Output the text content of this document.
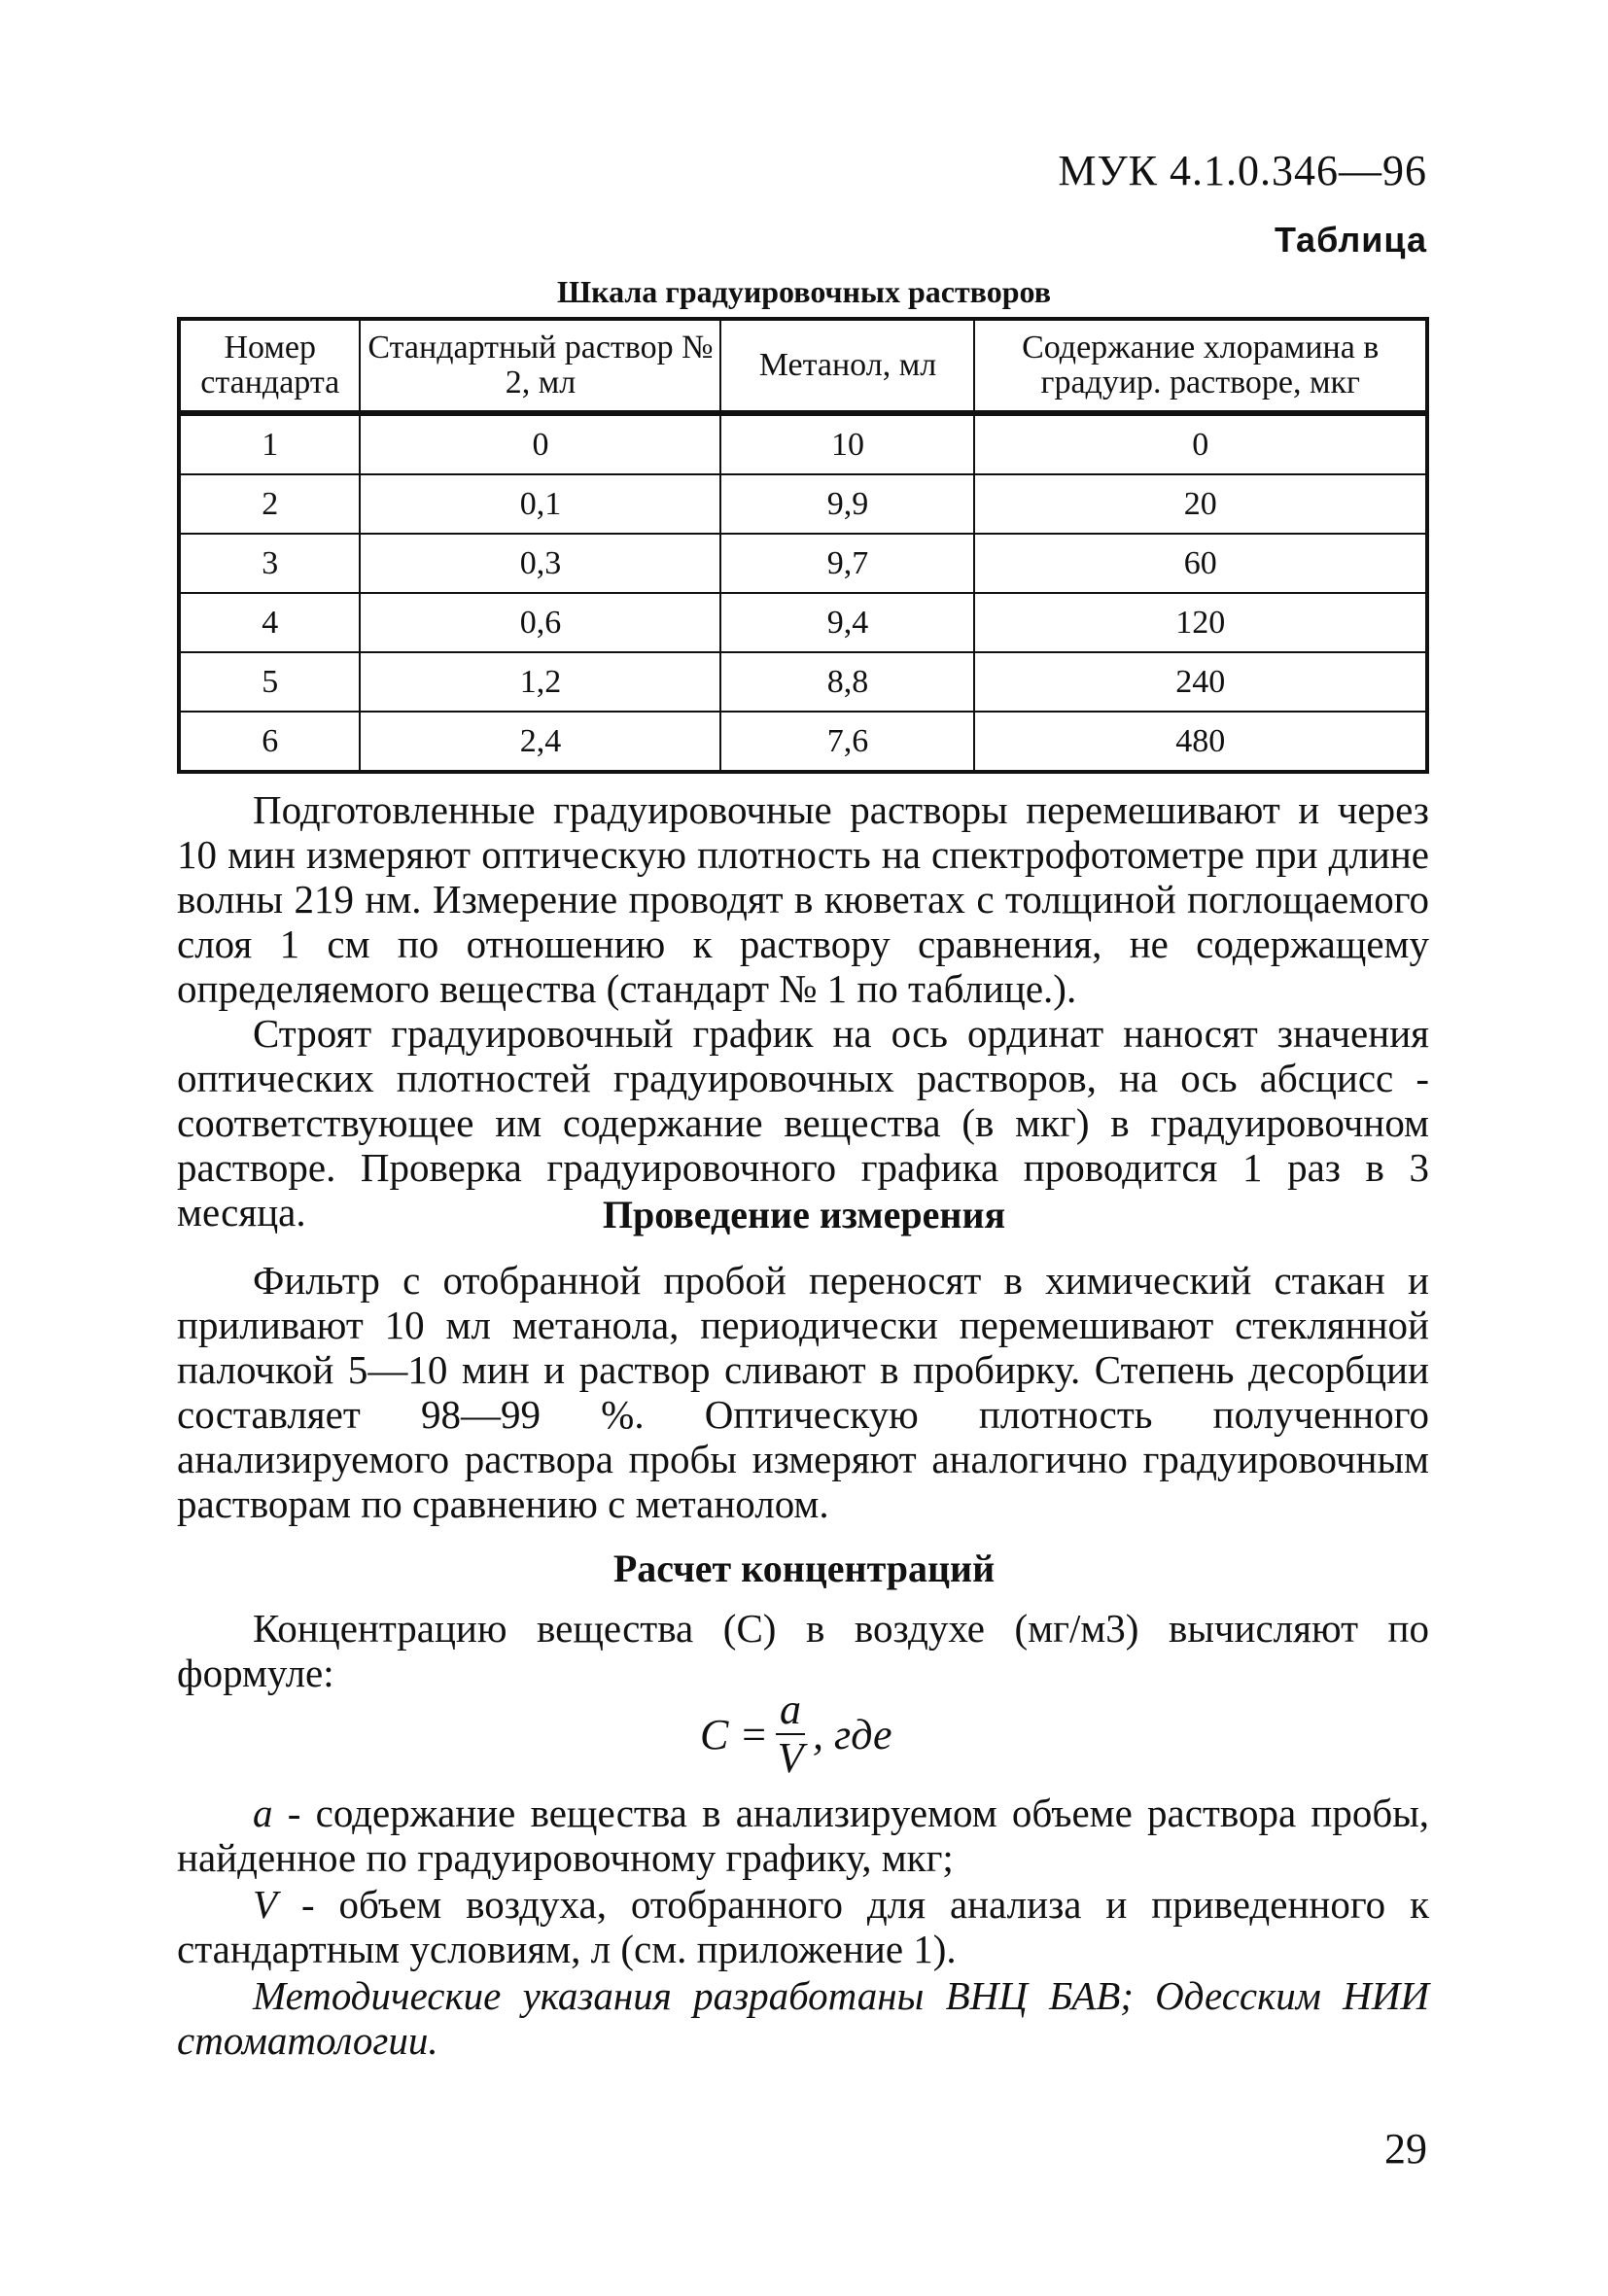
МУК 4.1.0.346—96
Таблица
Шкала градуировочных растворов
Номер стандарта	Стандартный раствор № 2, мл	Метанол, мл	Содержание хлорамина в градуир. растворе, мкг
1	0	10	0
2	0,1	9,9	20
3	0,3	9,7	60
4	0,6	9,4	120
5	1,2	8,8	240
6	2,4	7,6	480

Подготовленные градуировочные растворы перемешивают и через 10 мин измеряют оптическую плотность на спектрофотометре при длине волны 219 нм. Измерение проводят в кюветах с толщиной поглощаемого слоя 1 см по отношению к раствору сравнения, не содержащему определяемого вещества (стандарт № 1 по таблице.).

Строят градуировочный график на ось ординат наносят значения оптических плотностей градуировочных растворов, на ось абсцисс - соответствующее им содержание вещества (в мкг) в градуировочном растворе. Проверка градуировочного графика проводится 1 раз в 3 месяца.	Проведение измерения

Фильтр с отобранной пробой переносят в химический стакан и приливают 10 мл метанола, периодически перемешивают стеклянной палочкой 5—10 мин и раствор сливают в пробирку. Степень десорбции составляет 98—99 %. Оптическую плотность полученного анализируемого раствора пробы измеряют аналогично градуировочным растворам по сравнению с метанолом.

Расчет концентраций

Концентрацию вещества (С) в воздухе (мг/м3) вычисляют по формуле:

$C = \frac{a}{V}$ , где

a - содержание вещества в анализируемом объеме раствора пробы, найденное по градуировочному графику, мкг;

V - объем воздуха, отобранного для анализа и приведенного к стандартным условиям, л (см. приложение 1).

Методические указания разработаны ВНЦ БАВ; Одесским НИИ стоматологии.

29
